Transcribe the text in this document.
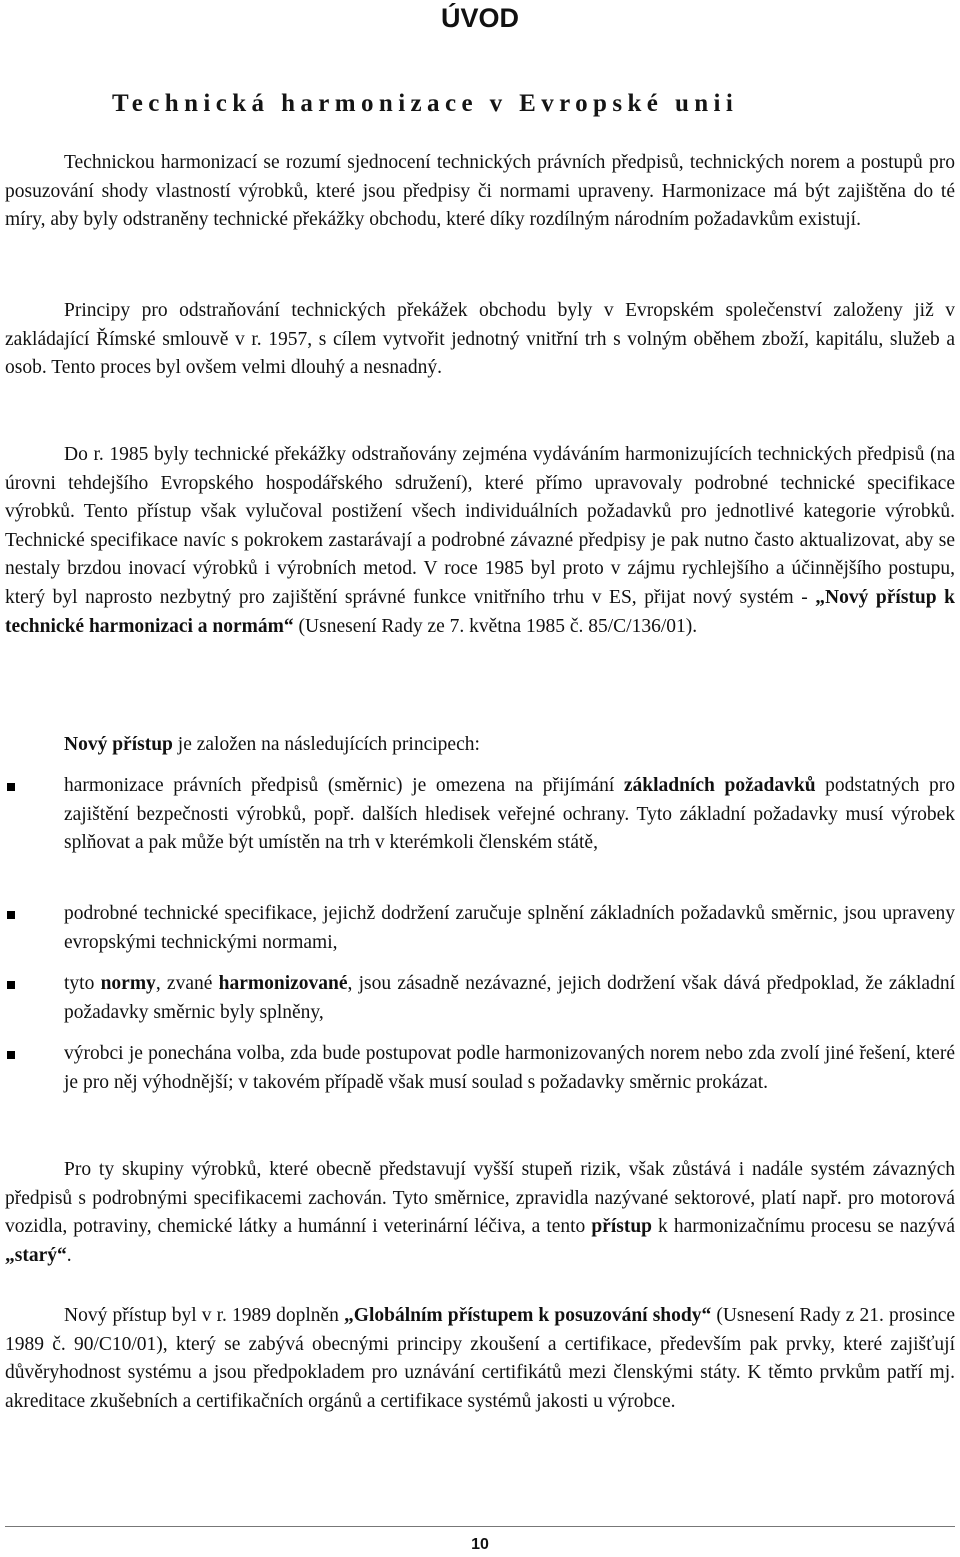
ÚVOD
Technická harmonizace v Evropské unii

Technickou harmonizací se rozumí sjednocení technických právních předpisů, technických norem a postupů pro posuzování shody vlastností výrobků, které jsou předpisy či normami upraveny. Harmonizace má být zajištěna do té míry, aby byly odstraněny technické překážky obchodu, které díky rozdílným národním požadavkům existují.

Principy pro odstraňování technických překážek obchodu byly v Evropském společenství založeny již v zakládající Římské smlouvě v r. 1957, s cílem vytvořit jednotný vnitřní trh s volným oběhem zboží, kapitálu, služeb a osob. Tento proces byl ovšem velmi dlouhý a nesnadný.

Do r. 1985 byly technické překážky odstraňovány zejména vydáváním harmonizujících technických předpisů (na úrovni tehdejšího Evropského hospodářského sdružení), které přímo upravovaly podrobné technické specifikace výrobků. Tento přístup však vylučoval postižení všech individuálních požadavků pro jednotlivé kategorie výrobků. Technické specifikace navíc s pokrokem zastarávají a podrobné závazné předpisy je pak nutno často aktualizovat, aby se nestaly brzdou inovací výrobků i výrobních metod. V roce 1985 byl proto v zájmu rychlejšího a účinnějšího postupu, který byl naprosto nezbytný pro zajištění správné funkce vnitřního trhu v ES, přijat nový systém - „Nový přístup k technické harmonizaci a normám“ (Usnesení Rady ze 7. května 1985 č. 85/C/136/01).

Nový přístup je založen na následujících principech:

harmonizace právních předpisů (směrnic) je omezena na přijímání základních požadavků podstatných pro zajištění bezpečnosti výrobků, popř. dalších hledisek veřejné ochrany. Tyto základní požadavky musí výrobek splňovat a pak může být umístěn na trh v kterémkoli členském státě,

podrobné technické specifikace, jejichž dodržení zaručuje splnění základních požadavků směrnic, jsou upraveny evropskými technickými normami,

tyto normy, zvané harmonizované, jsou zásadně nezávazné, jejich dodržení však dává předpoklad, že základní požadavky směrnic byly splněny,

výrobci je ponechána volba, zda bude postupovat podle harmonizovaných norem nebo zda zvolí jiné řešení, které je pro něj výhodnější; v takovém případě však musí soulad s požadavky směrnic prokázat.

Pro ty skupiny výrobků, které obecně představují vyšší stupeň rizik, však zůstává i nadále systém závazných předpisů s podrobnými specifikacemi zachován. Tyto směrnice, zpravidla nazývané sektorové, platí např. pro motorová vozidla, potraviny, chemické látky a humánní i veterinární léčiva, a tento přístup k harmonizačnímu procesu se nazývá „starý“.

Nový přístup byl v r. 1989 doplněn „Globálním přístupem k posuzování shody“ (Usnesení Rady z 21. prosince 1989 č. 90/C10/01), který se zabývá obecnými principy zkoušení a certifikace, především pak prvky, které zajišťují důvěryhodnost systému a jsou předpokladem pro uznávání certifikátů mezi členskými státy. K těmto prvkům patří mj. akreditace zkušebních a certifikačních orgánů a certifikace systémů jakosti u výrobce.

10
